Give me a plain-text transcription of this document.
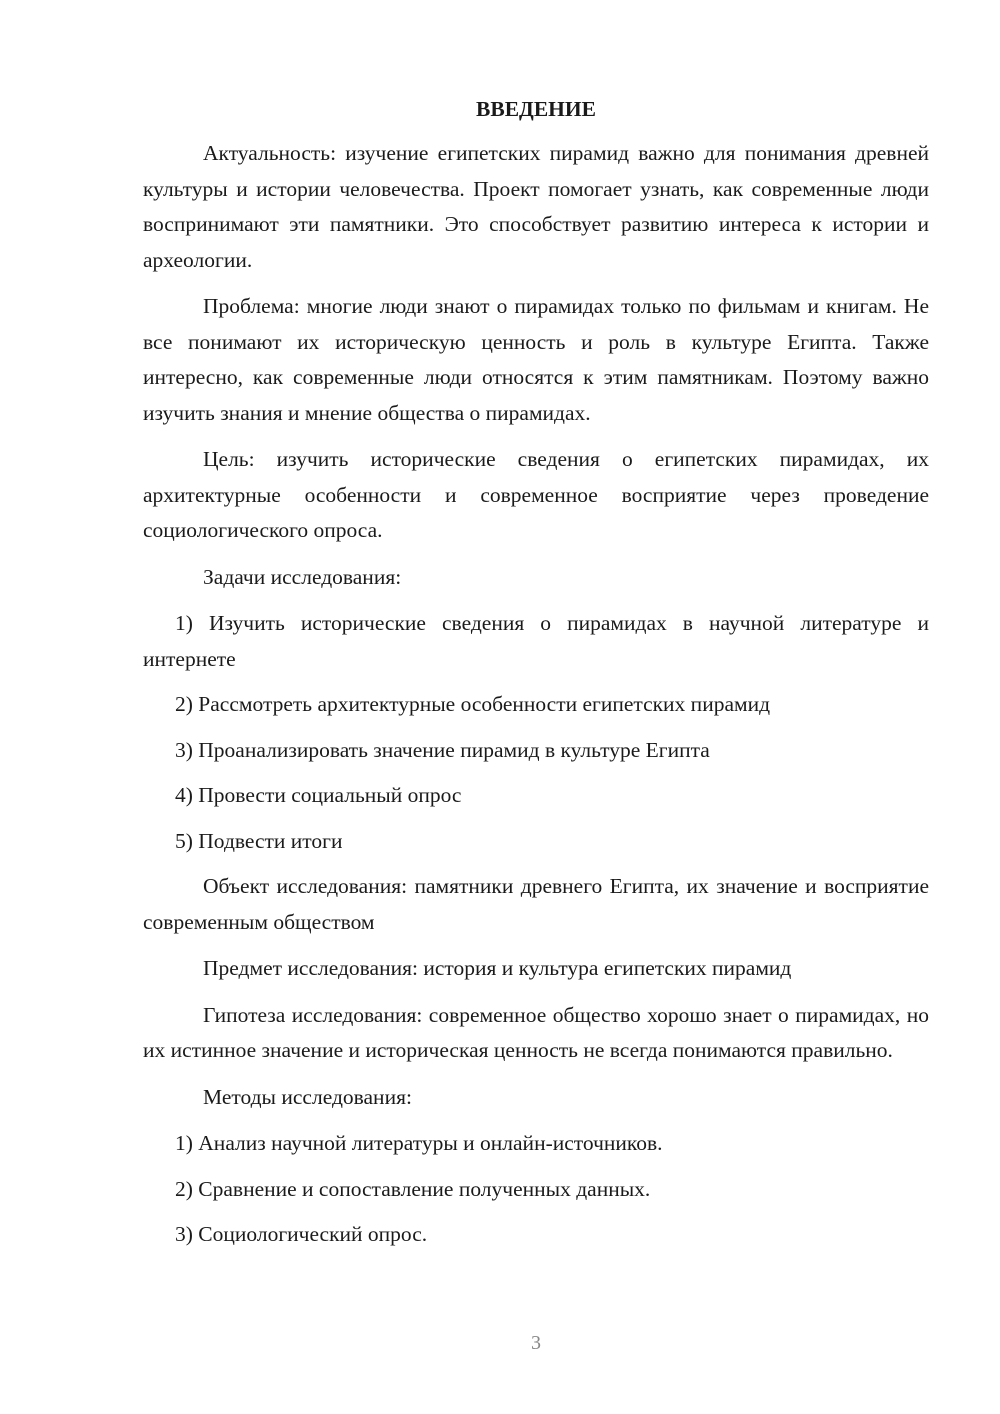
ВВЕДЕНИЕ

Актуальность: изучение египетских пирамид важно для понимания древней культуры и истории человечества. Проект помогает узнать, как современные люди воспринимают эти памятники. Это способствует развитию интереса к истории и археологии.

Проблема: многие люди знают о пирамидах только по фильмам и книгам. Не все понимают их историческую ценность и роль в культуре Египта. Также интересно, как современные люди относятся к этим памятникам. Поэтому важно изучить знания и мнение общества о пирамидах.

Цель: изучить исторические сведения о египетских пирамидах, их архитектурные особенности и современное восприятие через проведение социологического опроса.

Задачи исследования:

1) Изучить исторические сведения о пирамидах в научной литературе и интернете

2) Рассмотреть архитектурные особенности египетских пирамид

3) Проанализировать значение пирамид в культуре Египта

4) Провести социальный опрос

5) Подвести итоги

Объект исследования: памятники древнего Египта, их значение и восприятие современным обществом

Предмет исследования: история и культура египетских пирамид

Гипотеза исследования: современное общество хорошо знает о пирамидах, но их истинное значение и историческая ценность не всегда понимаются правильно.

Методы исследования:

1) Анализ научной литературы и онлайн-источников.

2) Сравнение и сопоставление полученных данных.

3) Социологический опрос.

3
